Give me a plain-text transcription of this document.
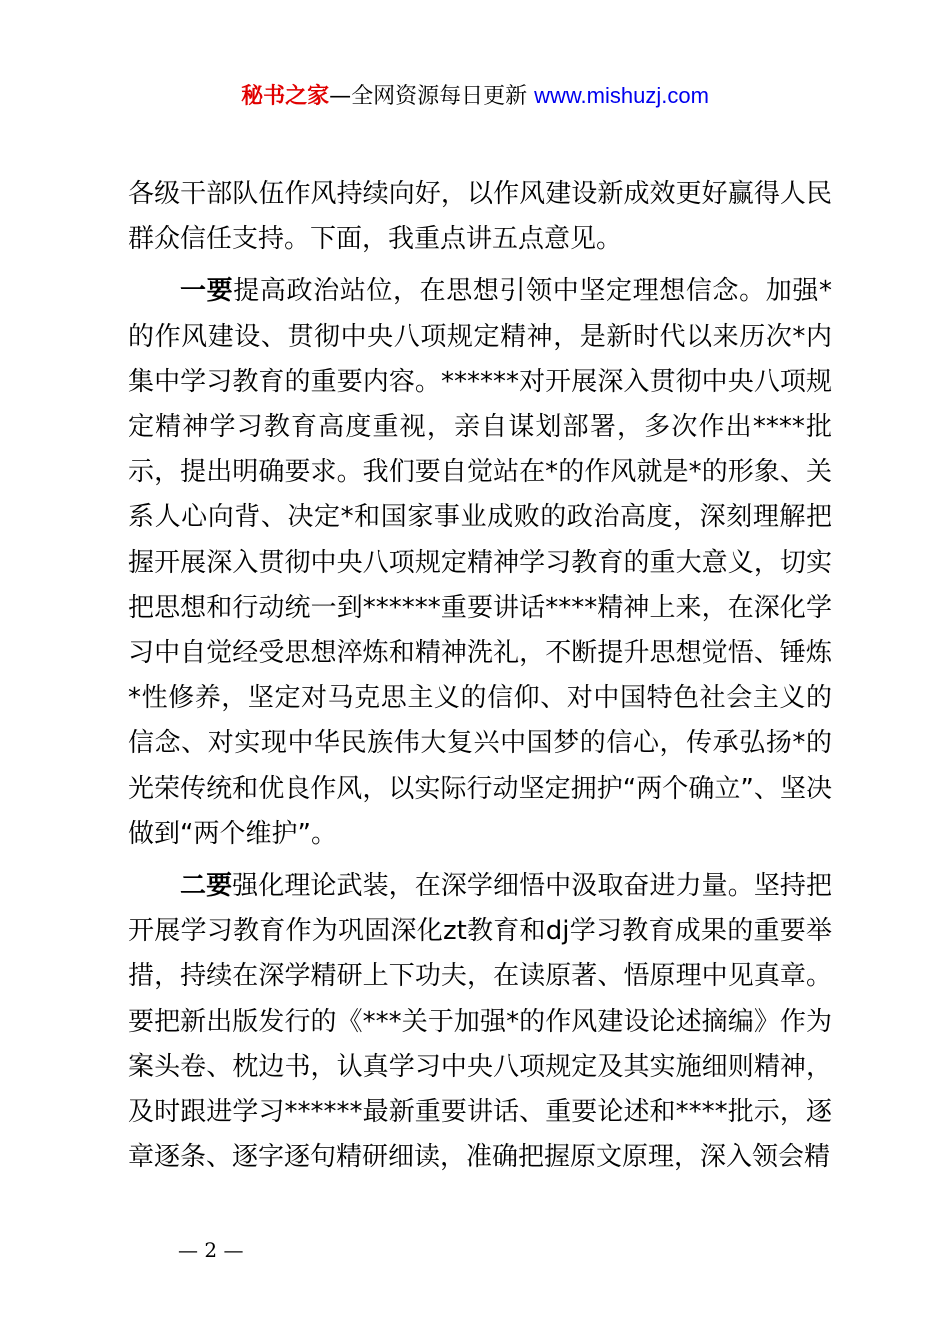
秘书之家—全网资源每日更新 www.mishuzj.com

各级干部队伍作风持续向好，以作风建设新成效更好赢得人民群众信任支持。下面，我重点讲五点意见。

一要提高政治站位，在思想引领中坚定理想信念。加强*的作风建设、贯彻中央八项规定精神，是新时代以来历次*内集中学习教育的重要内容。******对开展深入贯彻中央八项规定精神学习教育高度重视，亲自谋划部署，多次作出****批示，提出明确要求。我们要自觉站在*的作风就是*的形象、关系人心向背、决定*和国家事业成败的政治高度，深刻理解把握开展深入贯彻中央八项规定精神学习教育的重大意义，切实把思想和行动统一到******重要讲话****精神上来，在深化学习中自觉经受思想淬炼和精神洗礼，不断提升思想觉悟、锤炼*性修养，坚定对马克思主义的信仰、对中国特色社会主义的信念、对实现中华民族伟大复兴中国梦的信心，传承弘扬*的光荣传统和优良作风，以实际行动坚定拥护“两个确立”、坚决做到“两个维护”。

二要强化理论武装，在深学细悟中汲取奋进力量。坚持把开展学习教育作为巩固深化zt教育和dj学习教育成果的重要举措，持续在深学精研上下功夫，在读原著、悟原理中见真章。要把新出版发行的《***关于加强*的作风建设论述摘编》作为案头卷、枕边书，认真学习中央八项规定及其实施细则精神，及时跟进学习******最新重要讲话、重要论述和****批示，逐章逐条、逐字逐句精研细读，准确把握原文原理，深入领会精

— 2 —
